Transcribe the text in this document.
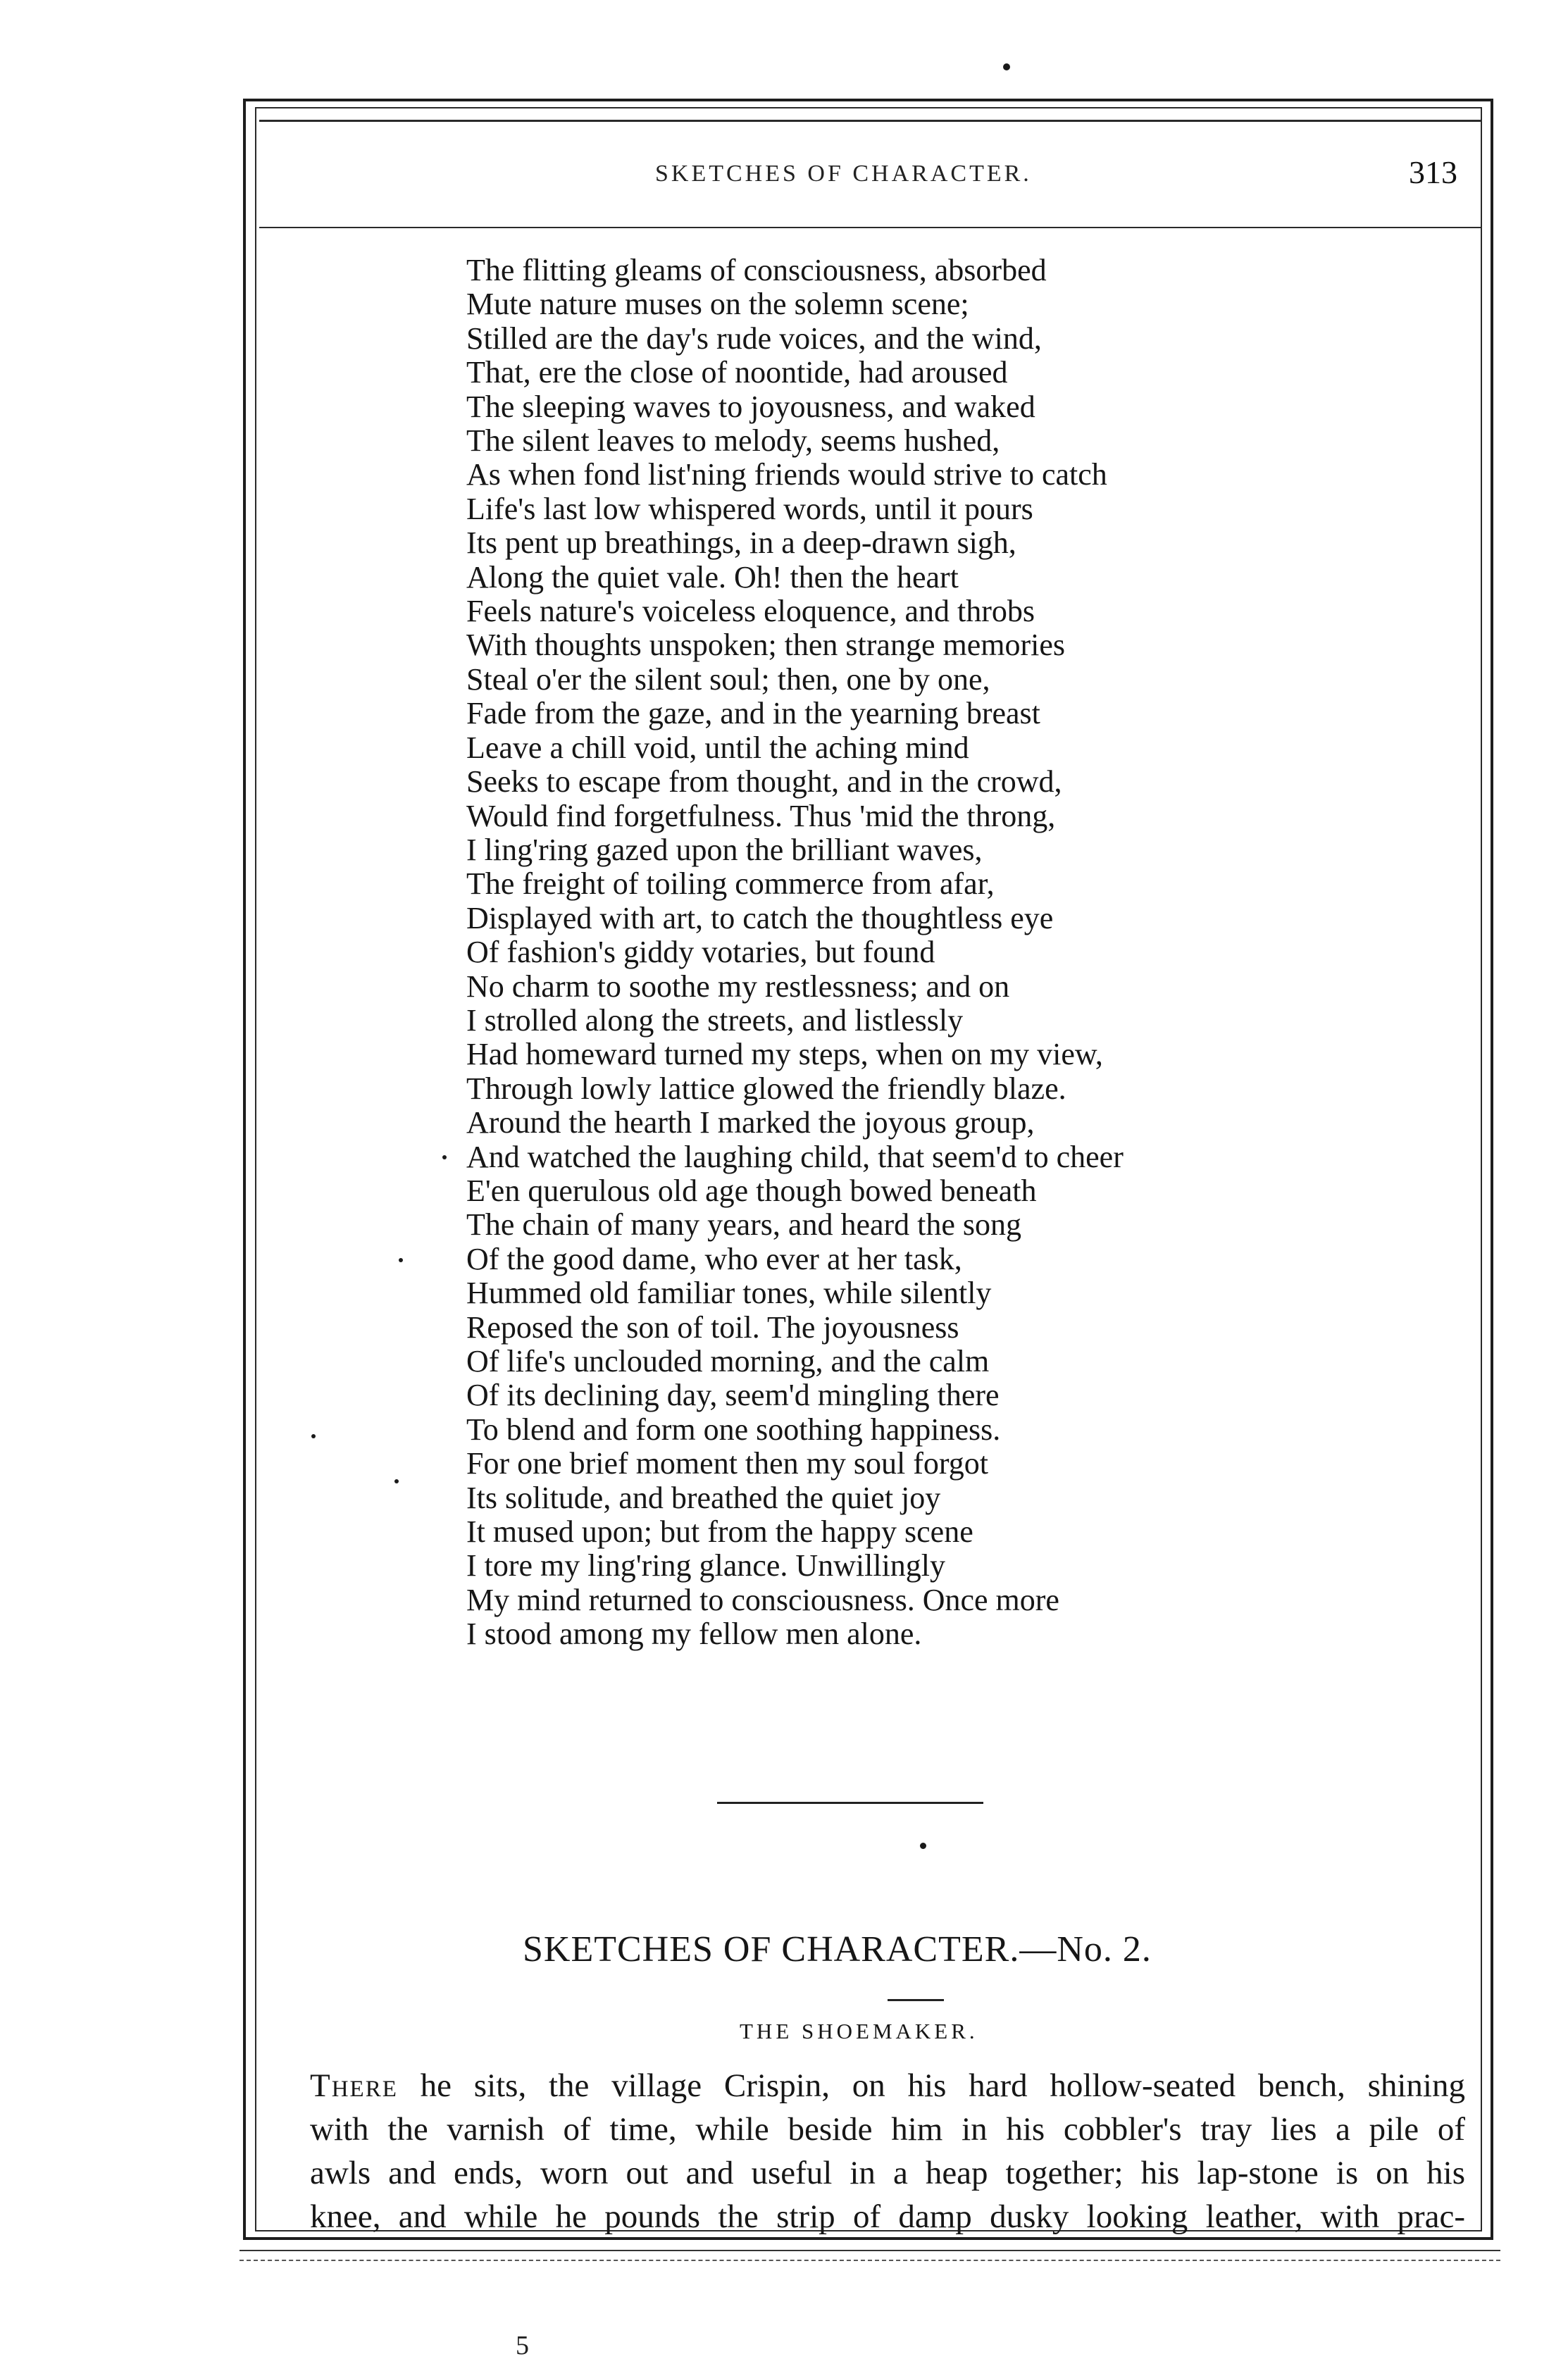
SKETCHES OF CHARACTER.	313
The flitting gleams of consciousness, absorbed
Mute nature muses on the solemn scene;
Stilled are the day's rude voices, and the wind,
That, ere the close of noontide, had aroused
The sleeping waves to joyousness, and waked
The silent leaves to melody, seems hushed,
As when fond list'ning friends would strive to catch
Life's last low whispered words, until it pours
Its pent up breathings, in a deep-drawn sigh,
Along the quiet vale. Oh! then the heart
Feels nature's voiceless eloquence, and throbs
With thoughts unspoken; then strange memories
Steal o'er the silent soul; then, one by one,
Fade from the gaze, and in the yearning breast
Leave a chill void, until the aching mind
Seeks to escape from thought, and in the crowd,
Would find forgetfulness. Thus 'mid the throng,
I ling'ring gazed upon the brilliant waves,
The freight of toiling commerce from afar,
Displayed with art, to catch the thoughtless eye
Of fashion's giddy votaries, but found
No charm to soothe my restlessness; and on
I strolled along the streets, and listlessly
Had homeward turned my steps, when on my view,
Through lowly lattice glowed the friendly blaze.
Around the hearth I marked the joyous group,
And watched the laughing child, that seem'd to cheer
E'en querulous old age though bowed beneath
The chain of many years, and heard the song
Of the good dame, who ever at her task,
Hummed old familiar tones, while silently
Reposed the son of toil. The joyousness
Of life's unclouded morning, and the calm
Of its declining day, seem'd mingling there
To blend and form one soothing happiness.
For one brief moment then my soul forgot
Its solitude, and breathed the quiet joy
It mused upon; but from the happy scene
I tore my ling'ring glance. Unwillingly
My mind returned to consciousness. Once more
I stood among my fellow men alone.
SKETCHES OF CHARACTER.—No. 2.
THE SHOEMAKER.
There he sits, the village Crispin, on his hard hollow-seated bench, shining
with the varnish of time, while beside him in his cobbler's tray lies a pile of
awls and ends, worn out and useful in a heap together; his lap-stone is on his
knee, and while he pounds the strip of damp dusky looking leather, with prac-
5
